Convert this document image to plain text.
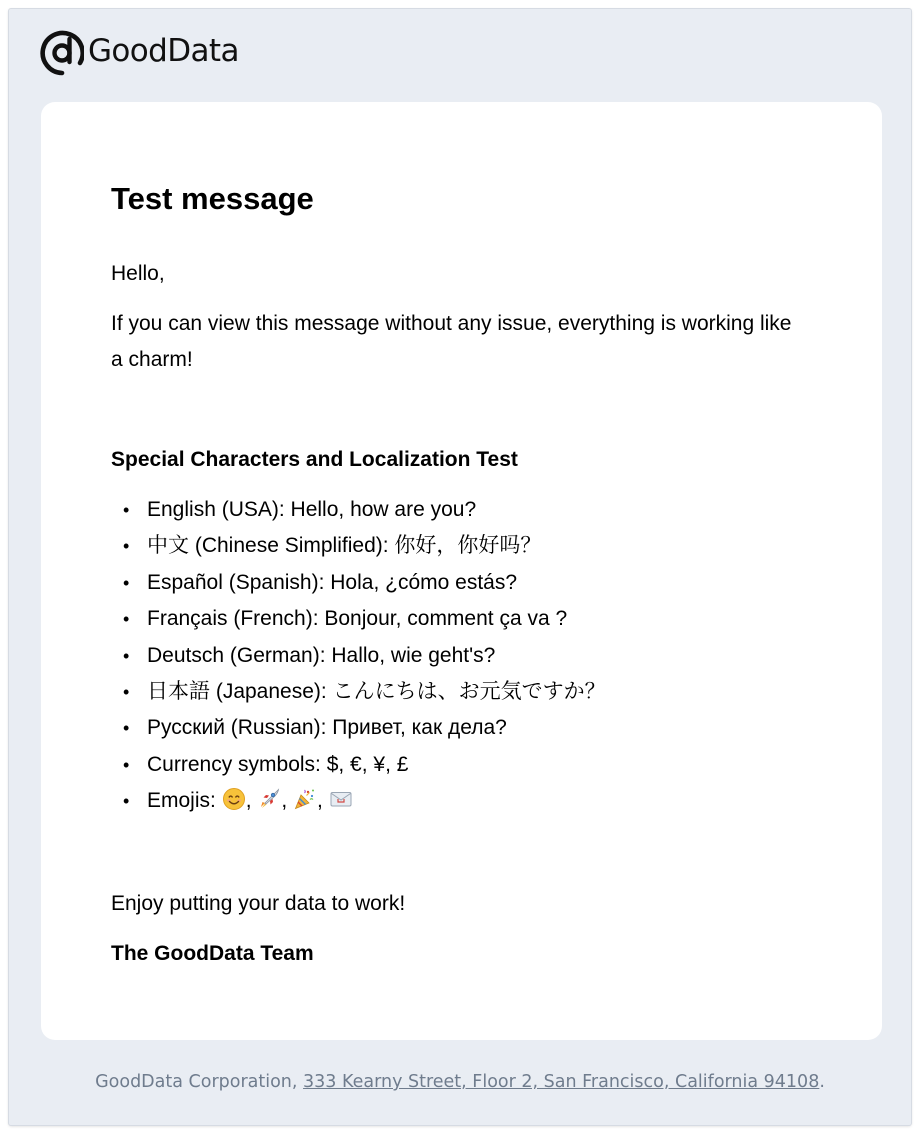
GoodData
Test message
Hello,
If you can view this message without any issue, everything is working like a charm!
Special Characters and Localization Test
• English (USA): Hello, how are you?
• 中文 (Chinese Simplified): 你好，你好吗？
• Español (Spanish): Hola, ¿cómo estás?
• Français (French): Bonjour, comment ça va ?
• Deutsch (German): Hallo, wie geht's?
• 日本語 (Japanese): こんにちは、お元気ですか？
• Русский (Russian): Привет, как дела?
• Currency symbols: $, €, ¥, £
• Emojis: , , ,
Enjoy putting your data to work!
The GoodData Team
GoodData Corporation, 333 Kearny Street, Floor 2, San Francisco, California 94108.
